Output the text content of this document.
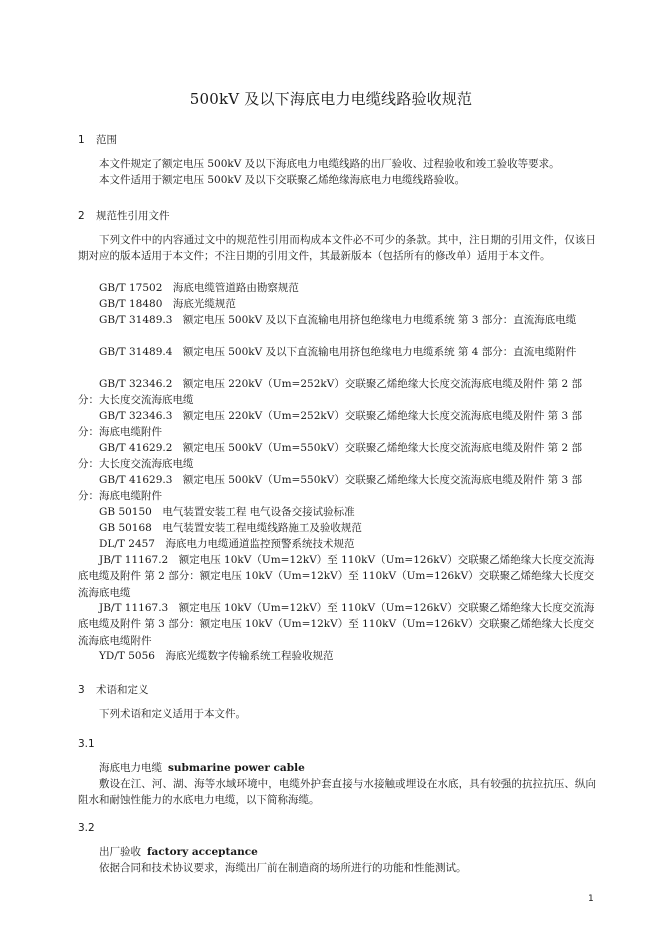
500kV 及以下海底电力电缆线路验收规范
1 范围
本文件规定了额定电压 500kV 及以下海底电力电缆线路的出厂验收、过程验收和竣工验收等要求。
本文件适用于额定电压 500kV 及以下交联聚乙烯绝缘海底电力电缆线路验收。
2 规范性引用文件
下列文件中的内容通过文中的规范性引用而构成本文件必不可少的条款。其中，注日期的引用文件，仅该日期对应的版本适用于本文件；不注日期的引用文件，其最新版本（包括所有的修改单）适用于本文件。
GB/T 17502　海底电缆管道路由勘察规范
GB/T 18480　海底光缆规范
GB/T 31489.3　额定电压 500kV 及以下直流输电用挤包绝缘电力电缆系统 第 3 部分：直流海底电缆
GB/T 31489.4　额定电压 500kV 及以下直流输电用挤包绝缘电力电缆系统 第 4 部分：直流电缆附件
GB/T 32346.2　额定电压 220kV（Um=252kV）交联聚乙烯绝缘大长度交流海底电缆及附件 第 2 部分：大长度交流海底电缆
GB/T 32346.3　额定电压 220kV（Um=252kV）交联聚乙烯绝缘大长度交流海底电缆及附件 第 3 部分：海底电缆附件
GB/T 41629.2　额定电压 500kV（Um=550kV）交联聚乙烯绝缘大长度交流海底电缆及附件 第 2 部分：大长度交流海底电缆
GB/T 41629.3　额定电压 500kV（Um=550kV）交联聚乙烯绝缘大长度交流海底电缆及附件 第 3 部分：海底电缆附件
GB 50150　电气装置安装工程 电气设备交接试验标准
GB 50168　电气装置安装工程电缆线路施工及验收规范
DL/T 2457　海底电力电缆通道监控预警系统技术规范
JB/T 11167.2　额定电压 10kV（Um=12kV）至 110kV（Um=126kV）交联聚乙烯绝缘大长度交流海底电缆及附件 第 2 部分：额定电压 10kV（Um=12kV）至 110kV（Um=126kV）交联聚乙烯绝缘大长度交流海底电缆
JB/T 11167.3　额定电压 10kV（Um=12kV）至 110kV（Um=126kV）交联聚乙烯绝缘大长度交流海底电缆及附件 第 3 部分：额定电压 10kV（Um=12kV）至 110kV（Um=126kV）交联聚乙烯绝缘大长度交流海底电缆附件
YD/T 5056　海底光缆数字传输系统工程验收规范
3 术语和定义
下列术语和定义适用于本文件。
3.1
海底电力电缆 submarine power cable
敷设在江、河、湖、海等水域环境中，电缆外护套直接与水接触或埋设在水底，具有较强的抗拉抗压、纵向阻水和耐蚀性能力的水底电力电缆，以下简称海缆。
3.2
出厂验收 factory acceptance
依据合同和技术协议要求，海缆出厂前在制造商的场所进行的功能和性能测试。
1
